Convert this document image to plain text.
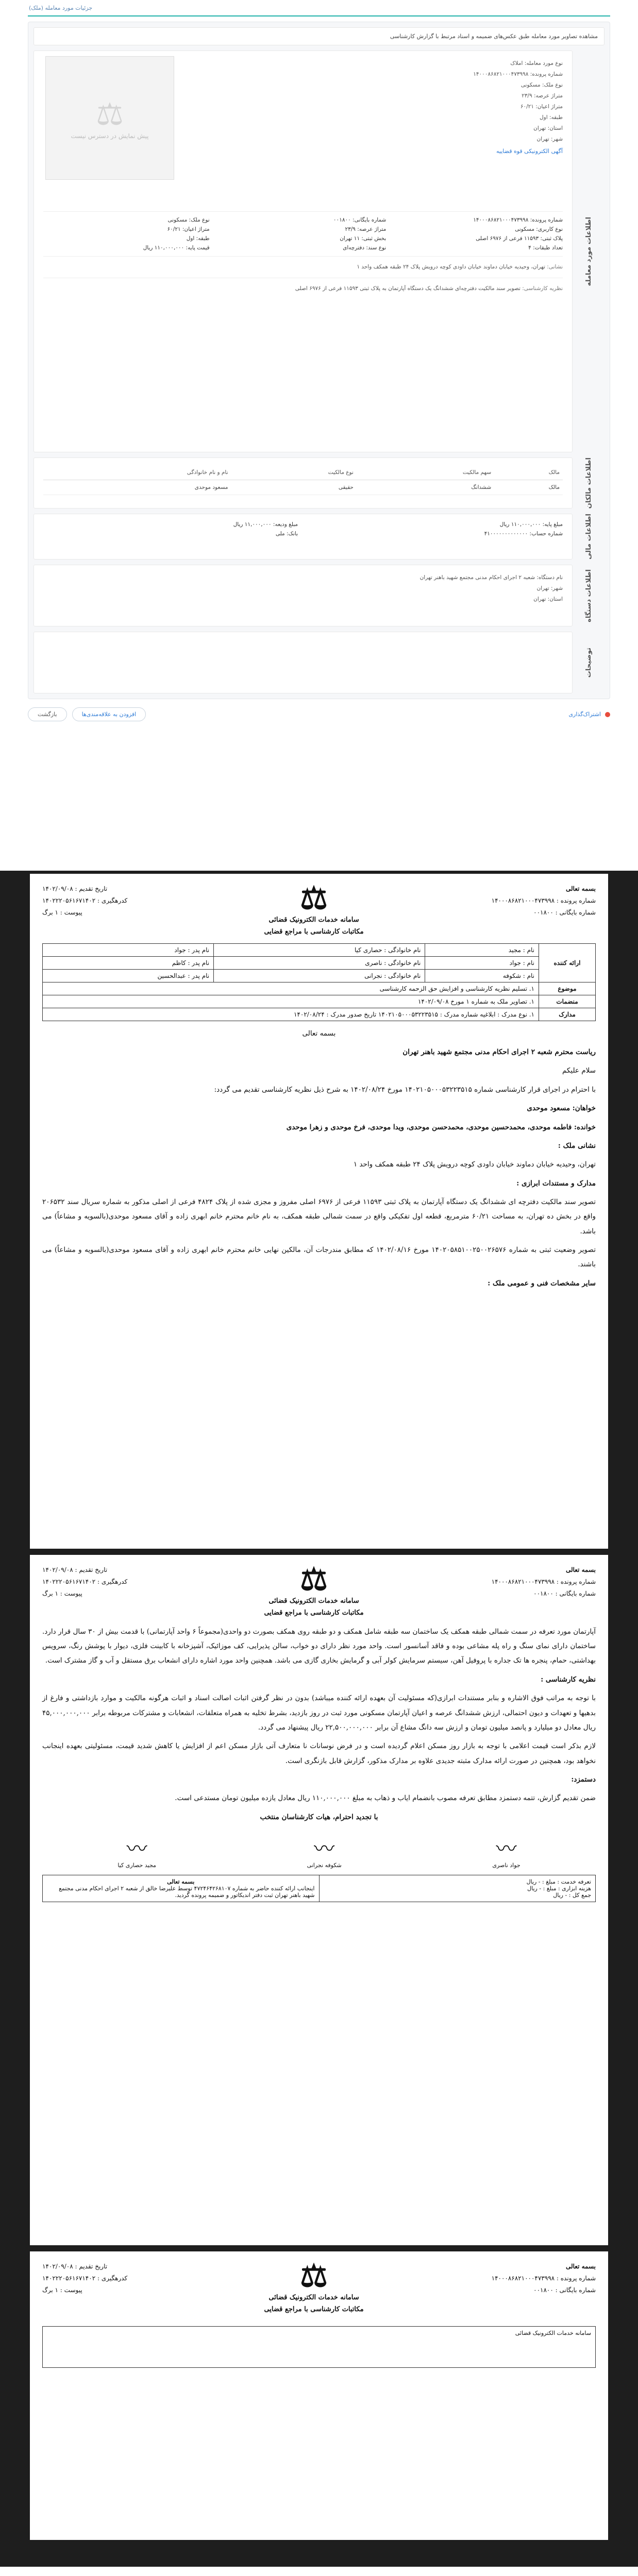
جزئیات مورد معامله (ملک)
مشاهده تصاویر مورد معامله طبق عکس‌های ضمیمه و اسناد مرتبط با گزارش کارشناسی
اطلاعات مورد معامله
نوع مورد معامله: املاک
شماره پرونده: ۱۴۰۰۰۸۶۸۲۱۰۰۰۴۷۳۹۹۸
نوع ملک: مسکونی
متراژ عرصه: ۲۳/۹
متراژ اعیان: ۶۰/۲۱
طبقه: اول
استان: تهران
شهر: تهران
آگهی الکترونیکی قوه قضاییه
⚖
پیش نمایش در دسترس نیست
شماره پرونده: ۱۴۰۰۰۸۶۸۲۱۰۰۰۴۷۳۹۹۸
شماره بایگانی: ۰۰۱۸۰۰
نوع ملک: مسکونی
نوع کاربری: مسکونی
متراژ عرصه: ۲۳/۹
متراژ اعیان: ۶۰/۲۱
پلاک ثبتی: ۱۱۵۹۳ فرعی از ۶۹۷۶ اصلی
بخش ثبتی: ۱۱ تهران
طبقه: اول
تعداد طبقات: ۴
نوع سند: دفترچه‌ای
قیمت پایه: ۱۱۰,۰۰۰,۰۰۰ ریال
نشانی: تهران، وحیدیه خیابان دماوند خیابان داودی کوچه درویش پلاک ۲۴ طبقه همکف واحد ۱
نظریه کارشناسی: تصویر سند مالکیت دفترچه‌ای ششدانگ یک دستگاه آپارتمان به پلاک ثبتی ۱۱۵۹۳ فرعی از ۶۹۷۶ اصلی
اطلاعات مالکان
مالک	سهم مالکیت	نوع مالکیت	نام و نام خانوادگی
مالک	ششدانگ	حقیقی	مسعود موحدی
اطلاعات مالی
مبلغ پایه: ۱۱۰,۰۰۰,۰۰۰ ریال
مبلغ ودیعه: ۱۱,۰۰۰,۰۰۰ ریال
شماره حساب: ۴۱۰۰۰۰۰۰۰۰۰۰۰۰۰
بانک: ملی
اطلاعات دستگاه
نام دستگاه: شعبه ۲ اجرای احکام مدنی مجتمع شهید باهنر تهران
شهر: تهران
استان: تهران
توضیحات
اشتراک‌گذاری
افزودن به علاقه‌مندی‌ها
بازگشت
بسمه تعالی
شماره پرونده : ۱۴۰۰۰۸۶۸۲۱۰۰۰۴۷۳۹۹۸
شماره بایگانی : ۰۰۱۸۰۰
⚖
سامانه خدمات الکترونیک قضائی
مکاتبات کارشناسی با مراجع قضایی
تاریخ تقدیم : ۱۴۰۲/۰۹/۰۸
کدرهگیری : ۱۴۰۲۲۲۰۵۶۱۶۷۱۴۰۲
پیوست : ۱ برگ
ارائه کننده	نام : مجید	نام خانوادگی : حصاری کیا	نام پدر : جواد
	نام : جواد	نام خانوادگی : ناصری	نام پدر : کاظم
	نام : شکوفه	نام خانوادگی : نجرانی	نام پدر : عبدالحسین
موضوع	۱. تسلیم نظریه کارشناسی و افزایش حق الزحمه کارشناسی		
منضمات	۱. تصاویر ملک به شماره ۱ مورخ ۱۴۰۲/۰۹/۰۸		
مدارک	۱. نوع مدرک : ابلاغیه شماره مدرک : ۱۴۰۲۱۰۵۰۰۰۵۳۲۲۳۵۱۵ تاریخ صدور مدرک : ۱۴۰۲/۰۸/۲۴		

بسمه تعالی

ریاست محترم شعبه ۲ اجرای احکام مدنی مجتمع شهید باهنر تهران

سلام علیکم

با احترام در اجرای قرار کارشناسی شماره ۱۴۰۲۱۰۵۰۰۰۵۳۲۲۳۵۱۵ مورخ ۱۴۰۲/۰۸/۲۴ به شرح ذیل نظریه کارشناسی تقدیم می گردد:

خواهان: مسعود موحدی
خوانده: فاطمه موحدی، محمدحسین موحدی، محمدحسن موحدی، ویدا موحدی، فرخ موحدی و زهرا موحدی
نشانی ملک :

تهران، وحیدیه خیابان دماوند خیابان داودی کوچه درویش پلاک ۲۴ طبقه همکف واحد ۱

مدارک و مستندات ابرازی :

تصویر سند مالکیت دفترچه ای ششدانگ یک دستگاه آپارتمان به پلاک ثبتی ۱۱۵۹۳ فرعی از ۶۹۷۶ اصلی مفروز و مجزی شده از پلاک ۴۸۲۴ فرعی از اصلی مذکور به شماره سریال سند ۲۰۶۵۳۲ واقع در بخش ده تهران، به مساحت ۶۰/۲۱ مترمربع، قطعه اول تفکیکی واقع در سمت شمالی طبقه همکف، به نام خانم محترم خانم ابهری زاده و آقای مسعود موحدی(بالسویه و مشاعاً) می باشد.

تصویر وضعیت ثبتی به شماره ۱۴۰۲۰۵۸۵۱۰۰۲۵۰۰۲۶۵۷۶ مورخ ۱۴۰۲/۰۸/۱۶ که مطابق مندرجات آن، مالکین نهایی خانم محترم خانم ابهری زاده و آقای مسعود موحدی(بالسویه و مشاعاً) می باشند.

سایر مشخصات فنی و عمومی ملک :
بسمه تعالی
شماره پرونده : ۱۴۰۰۰۸۶۸۲۱۰۰۰۴۷۳۹۹۸
شماره بایگانی : ۰۰۱۸۰۰
⚖
سامانه خدمات الکترونیک قضائی
مکاتبات کارشناسی با مراجع قضایی
تاریخ تقدیم : ۱۴۰۲/۰۹/۰۸
کدرهگیری : ۱۴۰۲۲۲۰۵۶۱۶۷۱۴۰۲
پیوست : ۱ برگ

آپارتمان مورد تعرفه در سمت شمالی طبقه همکف یک ساختمان سه طبقه شامل همکف و دو طبقه روی همکف بصورت دو واحدی(مجموعاً ۶ واحد آپارتمانی) با قدمت بیش از ۳۰ سال قرار دارد. ساختمان دارای نمای سنگ و راه پله مشاعی بوده و فاقد آسانسور است. واحد مورد نظر دارای دو خواب، سالن پذیرایی، کف موزائیک، آشپزخانه با کابینت فلزی، دیوار با پوشش رنگ، سرویس بهداشتی، حمام، پنجره ها تک جداره با پروفیل آهن، سیستم سرمایش کولر آبی و گرمایش بخاری گازی می باشد. همچنین واحد مورد اشاره دارای انشعاب برق مستقل و آب و گاز مشترک است.

نظریه کارشناسی :

با توجه به مراتب فوق الاشاره و بنابر مستندات ابرازی(که مسئولیت آن بعهده ارائه کننده میباشد) بدون در نظر گرفتن اثبات اصالت اسناد و اثبات هرگونه مالکیت و موارد بازداشتی و فارغ از بدهیها و تعهدات و دیون احتمالی، ارزش ششدانگ عرصه و اعیان آپارتمان مسکونی مورد ثبت در روز بازدید، بشرط تخلیه به همراه متعلقات، انشعابات و مشترکات مربوطه برابر ۴۵,۰۰۰,۰۰۰,۰۰۰ ریال معادل دو میلیارد و پانصد میلیون تومان و ارزش سه دانگ مشاع آن برابر ۲۲,۵۰۰,۰۰۰,۰۰۰ ریال پیشنهاد می گردد.

لازم بذکر است قیمت اعلامی با توجه به بازار روز مسکن اعلام گردیده است و در فرض نوسانات نا متعارف آتی بازار مسکن اعم از افزایش یا کاهش شدید قیمت، مسئولیتی بعهده اینجانب نخواهد بود، همچنین در صورت ارائه مدارک مثبته جدیدی علاوه بر مدارک مذکور، گزارش قابل بازنگری است.

دستمزد:

ضمن تقدیم گزارش، تتمه دستمزد مطابق تعرفه مصوب بانضمام ایاب و ذهاب به مبلغ ۱۱۰,۰۰۰,۰۰۰ ریال معادل یازده میلیون تومان مستدعی است.

با تجدید احترام، هیات کارشناسان منتخب
〰
جواد ناصری
〰
شکوفه نجرانی
〰
مجید حصاری کیا
تعرفه خدمت : مبلغ : - ریال
هزینه ابزاری : مبلغ : - ریال
جمع کل : - ریال

بسمه تعالی
اینجانب ارائه کننده حاضر به شماره ۴۷۲۴۶۴۲۶۸۱۰۷ توسط علیرضا خالق از شعبه ۲ اجرای احکام مدنی مجتمع شهید باهنر تهران ثبت دفتر اندیکاتور و ضمیمه پرونده گردید.
بسمه تعالی
شماره پرونده : ۱۴۰۰۰۸۶۸۲۱۰۰۰۴۷۳۹۹۸
شماره بایگانی : ۰۰۱۸۰۰
⚖
سامانه خدمات الکترونیک قضائی
مکاتبات کارشناسی با مراجع قضایی
تاریخ تقدیم : ۱۴۰۲/۰۹/۰۸
کدرهگیری : ۱۴۰۲۲۲۰۵۶۱۶۷۱۴۰۲
پیوست : ۱ برگ
سامانه خدمات الکترونیک قضائی
